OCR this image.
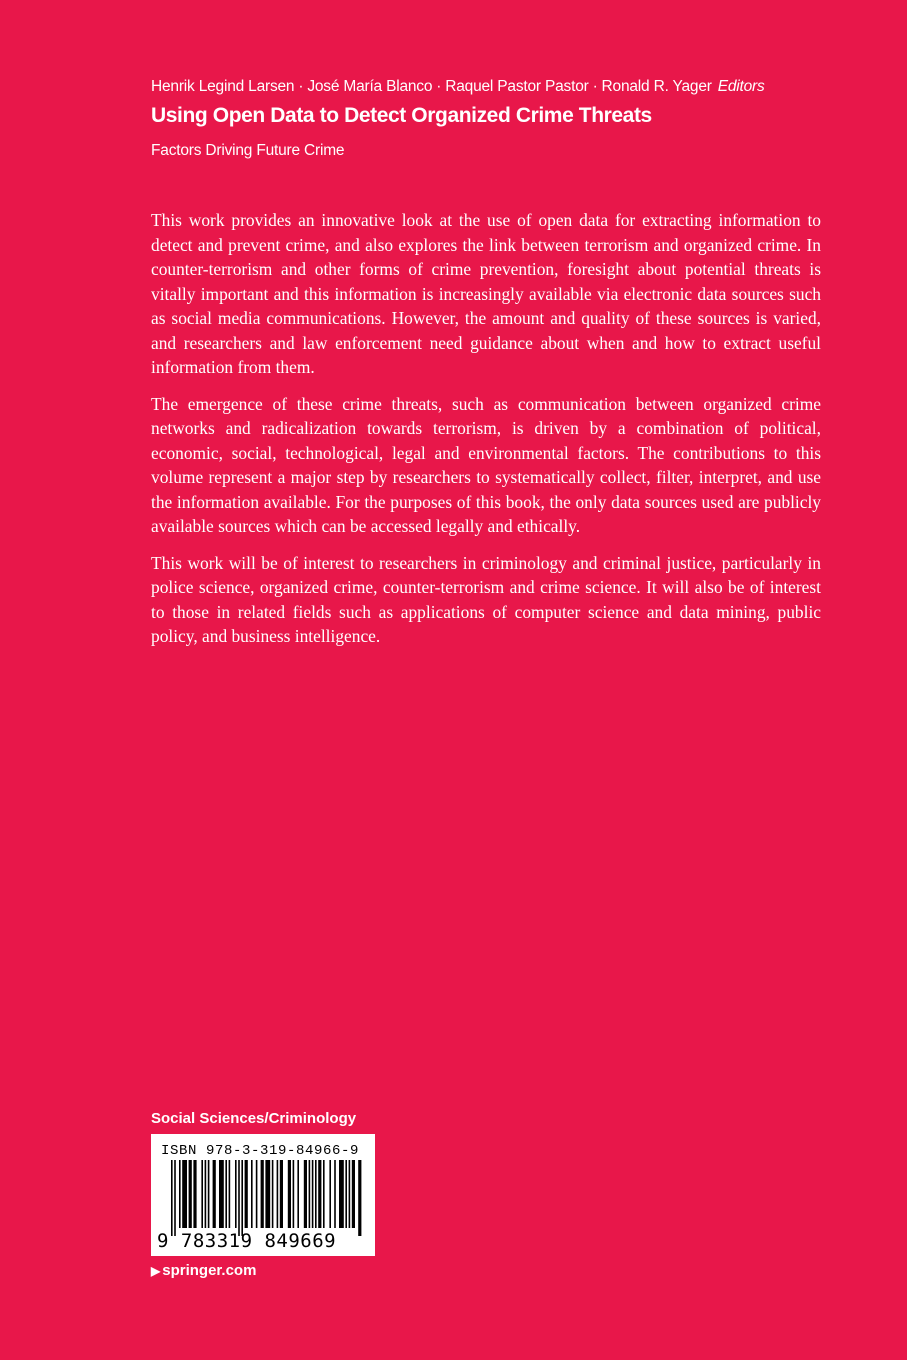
Henrik Legind Larsen · José María Blanco · Raquel Pastor Pastor · Ronald R. Yager Editors
Using Open Data to Detect Organized Crime Threats
Factors Driving Future Crime

This work provides an innovative look at the use of open data for extracting information to detect and prevent crime, and also explores the link between terrorism and organized crime. In counter-terrorism and other forms of crime prevention, foresight about potential threats is vitally important and this information is increasingly available via electronic data sources such as social media communications. However, the amount and quality of these sources is varied, and researchers and law enforcement need guidance about when and how to extract useful information from them.

The emergence of these crime threats, such as communication between organized crime networks and radicalization towards terrorism, is driven by a combination of political, economic, social, technological, legal and environmental factors. The contributions to this volume represent a major step by researchers to systematically collect, filter, interpret, and use the information available. For the purposes of this book, the only data sources used are publicly available sources which can be accessed legally and ethically.

This work will be of interest to researchers in criminology and criminal justice, particularly in police science, organized crime, counter-terrorism and crime science. It will also be of interest to those in related fields such as applications of computer science and data mining, public policy, and business intelligence.

Social Sciences/Criminology
ISBN 978-3-319-84966-9
9 783319 849669
▶ springer.com
